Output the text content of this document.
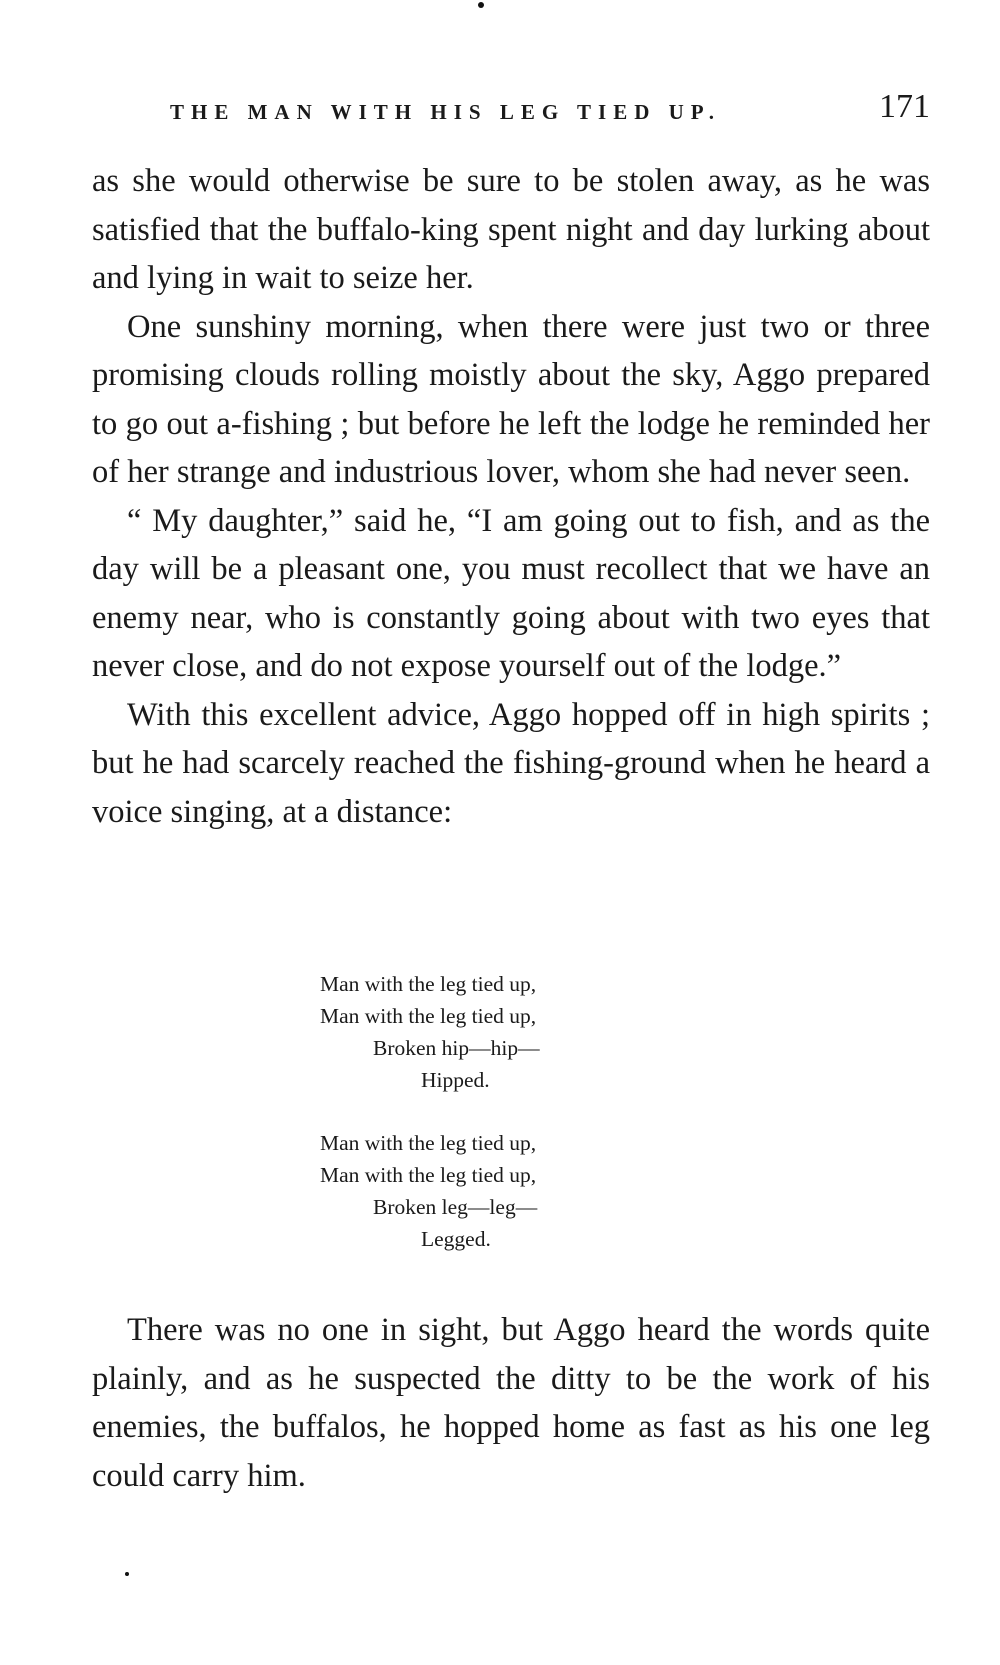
THE MAN WITH HIS LEG TIED UP.	171

as she would otherwise be sure to be stolen away, as he was satisfied that the buffalo-king spent night and day lurking about and lying in wait to seize her.

One sunshiny morning, when there were just two or three promising clouds rolling moistly about the sky, Aggo prepared to go out a-fishing ; but before he left the lodge he reminded her of her strange and industrious lover, whom she had never seen.

“ My daughter,” said he, “I am going out to fish, and as the day will be a pleasant one, you must recollect that we have an enemy near, who is constantly going about with two eyes that never close, and do not expose yourself out of the lodge.”

With this excellent advice, Aggo hopped off in high spirits ; but he had scarcely reached the fishing-ground when he heard a voice singing, at a distance:

Man with the leg tied up,
Man with the leg tied up,
Broken hip—hip—
Hipped.
Man with the leg tied up,
Man with the leg tied up,
Broken leg—leg—
Legged.

There was no one in sight, but Aggo heard the words quite plainly, and as he suspected the ditty to be the work of his enemies, the buffalos, he hopped home as fast as his one leg could carry him.
